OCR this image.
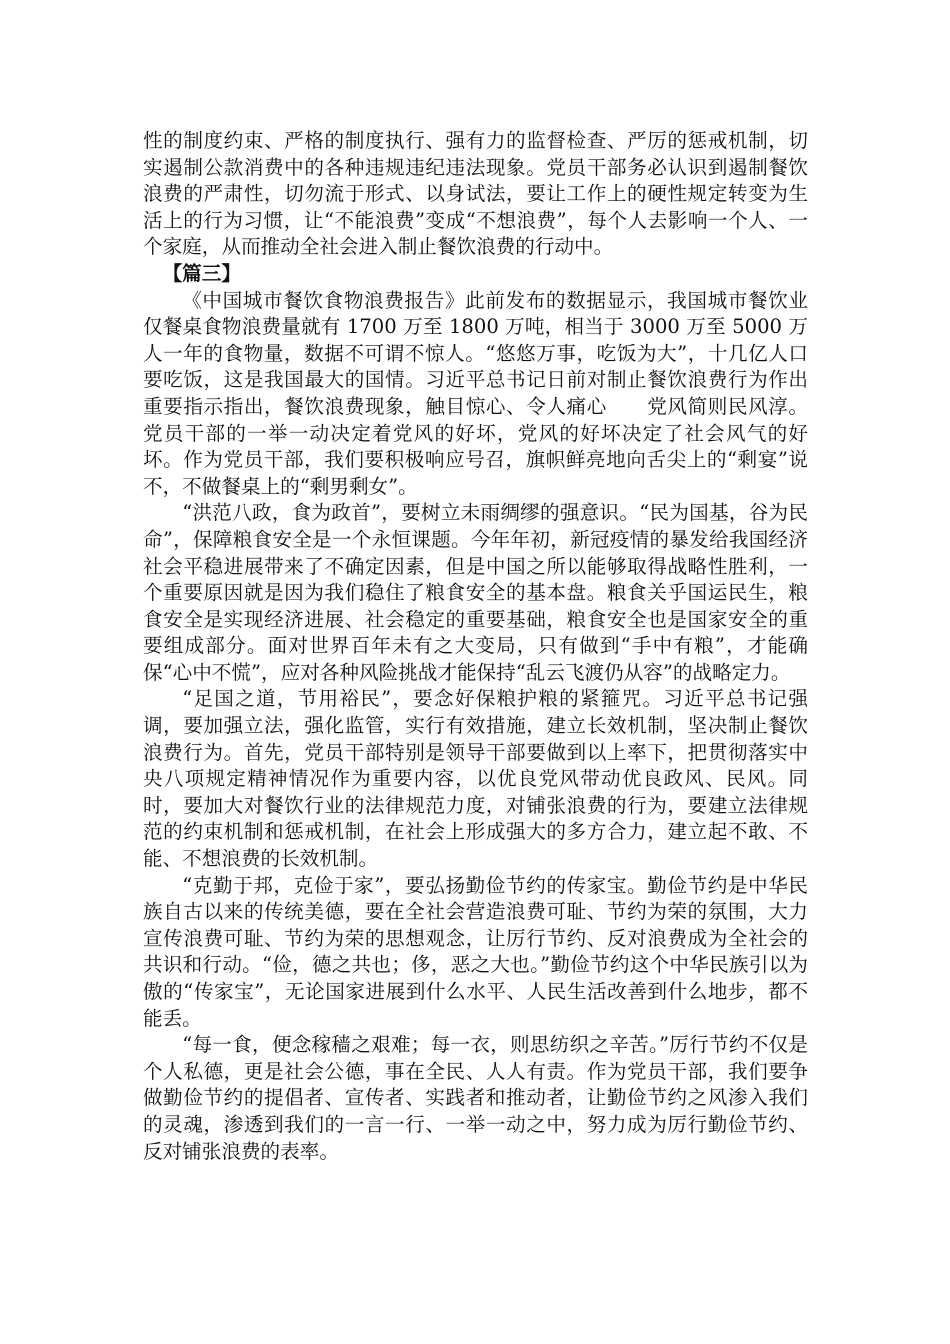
性的制度约束、严格的制度执行、强有力的监督检查、严厉的惩戒机制，切实遏制公款消费中的各种违规违纪违法现象。党员干部务必认识到遏制餐饮浪费的严肃性，切勿流于形式、以身试法，要让工作上的硬性规定转变为生活上的行为习惯，让“不能浪费”变成“不想浪费”，每个人去影响一个人、一个家庭，从而推动全社会进入制止餐饮浪费的行动中。

【篇三】

《中国城市餐饮食物浪费报告》此前发布的数据显示，我国城市餐饮业仅餐桌食物浪费量就有 1700 万至 1800 万吨，相当于 3000 万至 5000 万人一年的食物量，数据不可谓不惊人。“悠悠万事，吃饭为大”，十几亿人口要吃饭，这是我国最大的国情。习近平总书记日前对制止餐饮浪费行为作出重要指示指出，餐饮浪费现象，触目惊心、令人痛心　　党风简则民风淳。党员干部的一举一动决定着党风的好坏，党风的好坏决定了社会风气的好坏。作为党员干部，我们要积极响应号召，旗帜鲜亮地向舌尖上的“剩宴”说不，不做餐桌上的“剩男剩女”。

“洪范八政，食为政首”，要树立未雨绸缪的强意识。“民为国基，谷为民命”，保障粮食安全是一个永恒课题。今年年初，新冠疫情的暴发给我国经济社会平稳进展带来了不确定因素，但是中国之所以能够取得战略性胜利，一个重要原因就是因为我们稳住了粮食安全的基本盘。粮食关乎国运民生，粮食安全是实现经济进展、社会稳定的重要基础，粮食安全也是国家安全的重要组成部分。面对世界百年未有之大变局，只有做到“手中有粮”，才能确保“心中不慌”，应对各种风险挑战才能保持“乱云飞渡仍从容”的战略定力。

“足国之道，节用裕民”，要念好保粮护粮的紧箍咒。习近平总书记强调，要加强立法，强化监管，实行有效措施，建立长效机制，坚决制止餐饮浪费行为。首先，党员干部特别是领导干部要做到以上率下，把贯彻落实中央八项规定精神情况作为重要内容，以优良党风带动优良政风、民风。同时，要加大对餐饮行业的法律规范力度，对铺张浪费的行为，要建立法律规范的约束机制和惩戒机制，在社会上形成强大的多方合力，建立起不敢、不能、不想浪费的长效机制。

“克勤于邦，克俭于家”，要弘扬勤俭节约的传家宝。勤俭节约是中华民族自古以来的传统美德，要在全社会营造浪费可耻、节约为荣的氛围，大力宣传浪费可耻、节约为荣的思想观念，让厉行节约、反对浪费成为全社会的共识和行动。“俭，德之共也；侈，恶之大也。”勤俭节约这个中华民族引以为傲的“传家宝”，无论国家进展到什么水平、人民生活改善到什么地步，都不能丢。

“每一食，便念稼穑之艰难；每一衣，则思纺织之辛苦。”厉行节约不仅是个人私德，更是社会公德，事在全民、人人有责。作为党员干部，我们要争做勤俭节约的提倡者、宣传者、实践者和推动者，让勤俭节约之风渗入我们的灵魂，渗透到我们的一言一行、一举一动之中，努力成为厉行勤俭节约、反对铺张浪费的表率。
